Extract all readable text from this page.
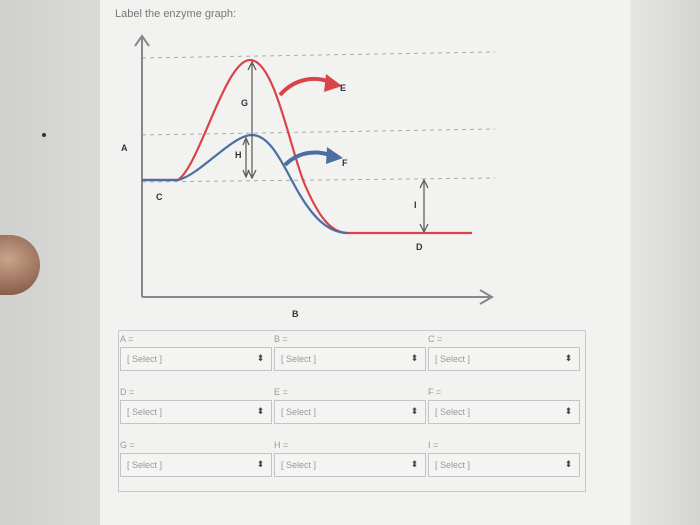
Label the enzyme graph:
A
B
C
D
E
F
G
H
I
A =
[ Select ]	⬍
B =
[ Select ]	⬍
C =
[ Select ]	⬍
D =
[ Select ]	⬍
E =
[ Select ]	⬍
F =
[ Select ]	⬍
G =
[ Select ]	⬍
H =
[ Select ]	⬍
I =
[ Select ]	⬍
